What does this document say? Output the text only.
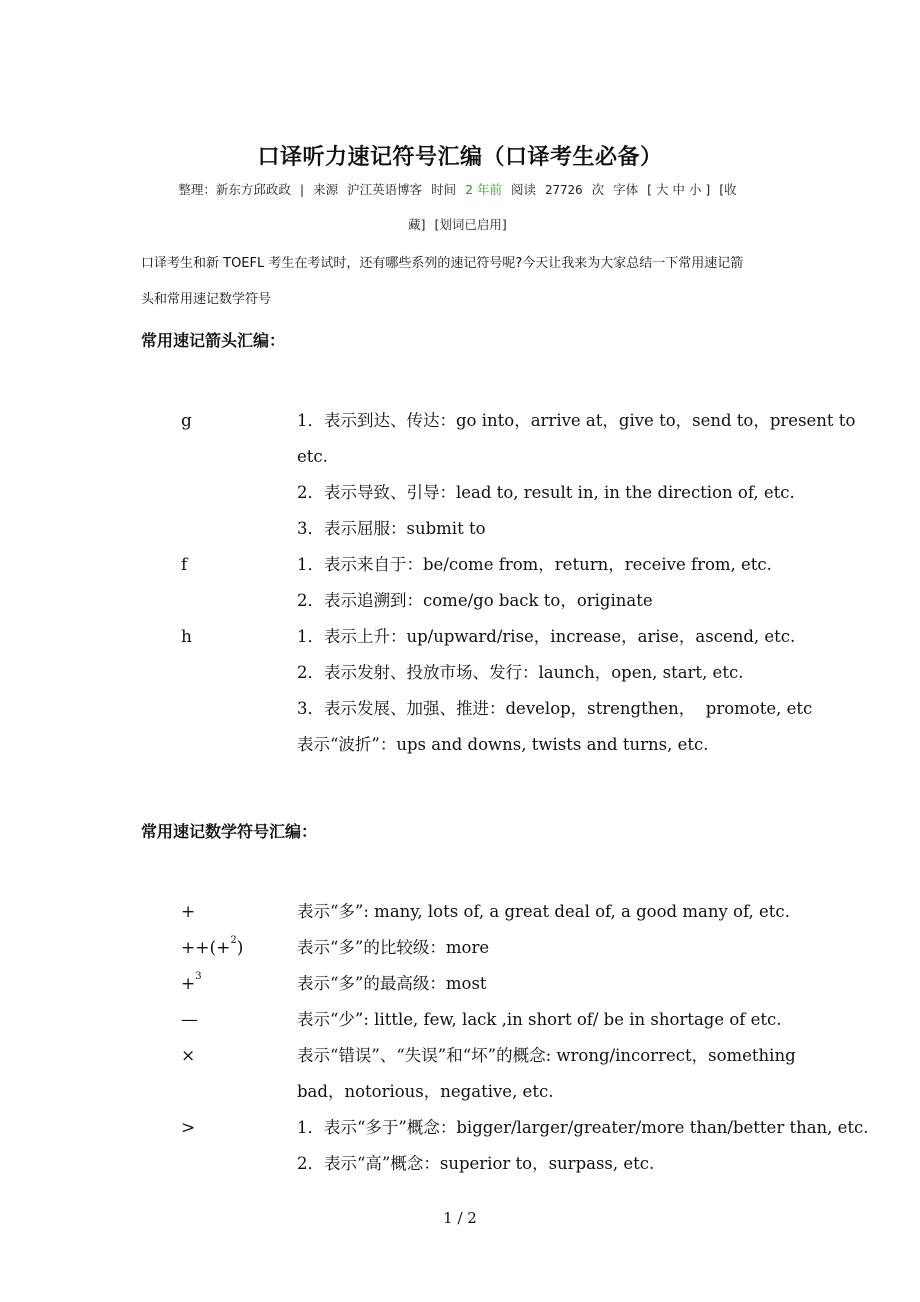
口译听力速记符号汇编（口译考生必备）
整理：新东方邱政政 | 来源 沪江英语博客 时间 2 年前 阅读 27726 次 字体 [ 大 中 小 ] [收
藏] [划词已启用]
口译考生和新 TOEFL 考生在考试时，还有哪些系列的速记符号呢?今天让我来为大家总结一下常用速记箭
头和常用速记数学符号
常用速记箭头汇编：
g	1．表示到达、传达：go into，arrive at，give to，send to，present to
etc.
2．表示导致、引导：lead to, result in, in the direction of, etc.
3．表示屈服：submit to
f	1．表示来自于：be/come from，return，receive from, etc.
2．表示追溯到：come/go back to，originate
h	1．表示上升：up/upward/rise，increase，arise，ascend, etc.
2．表示发射、投放市场、发行：launch，open, start, etc.
3．表示发展、加强、推进：develop，strengthen，  promote, etc
表示“波折”：ups and downs, twists and turns, etc.
常用速记数学符号汇编：
+	表示“多”: many, lots of, a great deal of, a good many of, etc.
++(+$^2$)	表示“多”的比较级：more
+$^3$	表示“多”的最高级：most
—	表示“少”: little, few, lack ,in short of/ be in shortage of etc.
×	表示“错误”、“失误”和“坏”的概念: wrong/incorrect，something
bad，notorious，negative, etc.
>	1．表示“多于”概念：bigger/larger/greater/more than/better than, etc.
2．表示“高”概念：superior to，surpass, etc.
1 / 2
